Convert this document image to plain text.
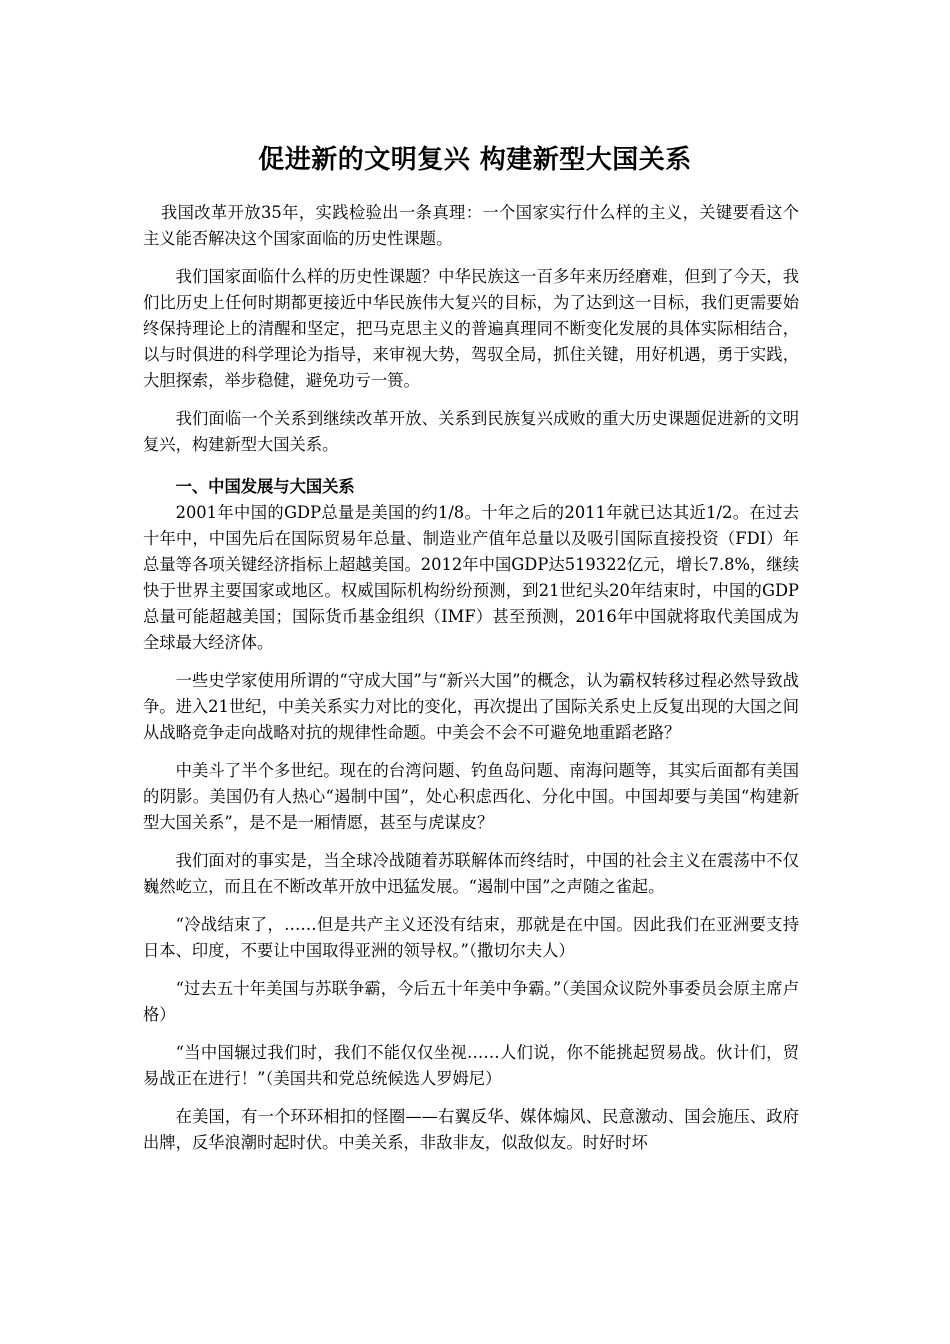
促进新的文明复兴 构建新型大国关系

我国改革开放35年，实践检验出一条真理：一个国家实行什么样的主义，关键要看这个主义能否解决这个国家面临的历史性课题。

我们国家面临什么样的历史性课题？中华民族这一百多年来历经磨难，但到了今天，我们比历史上任何时期都更接近中华民族伟大复兴的目标，为了达到这一目标，我们更需要始终保持理论上的清醒和坚定，把马克思主义的普遍真理同不断变化发展的具体实际相结合，以与时俱进的科学理论为指导，来审视大势，驾驭全局，抓住关键，用好机遇，勇于实践，大胆探索，举步稳健，避免功亏一篑。

我们面临一个关系到继续改革开放、关系到民族复兴成败的重大历史课题促进新的文明复兴，构建新型大国关系。

一、中国发展与大国关系

2001年中国的GDP总量是美国的约1/8。十年之后的2011年就已达其近1/2。在过去十年中，中国先后在国际贸易年总量、制造业产值年总量以及吸引国际直接投资（FDI）年总量等各项关键经济指标上超越美国。2012年中国GDP达519322亿元，增长7.8%，继续快于世界主要国家或地区。权威国际机构纷纷预测，到21世纪头20年结束时，中国的GDP总量可能超越美国；国际货币基金组织（IMF）甚至预测，2016年中国就将取代美国成为全球最大经济体。

一些史学家使用所谓的“守成大国”与“新兴大国”的概念，认为霸权转移过程必然导致战争。进入21世纪，中美关系实力对比的变化，再次提出了国际关系史上反复出现的大国之间从战略竞争走向战略对抗的规律性命题。中美会不会不可避免地重蹈老路？

中美斗了半个多世纪。现在的台湾问题、钓鱼岛问题、南海问题等，其实后面都有美国的阴影。美国仍有人热心“遏制中国”，处心积虑西化、分化中国。中国却要与美国“构建新型大国关系”，是不是一厢情愿，甚至与虎谋皮？

我们面对的事实是，当全球冷战随着苏联解体而终结时，中国的社会主义在震荡中不仅巍然屹立，而且在不断改革开放中迅猛发展。“遏制中国”之声随之雀起。

“冷战结束了，……但是共产主义还没有结束，那就是在中国。因此我们在亚洲要支持日本、印度，不要让中国取得亚洲的领导权。”（撒切尔夫人）

“过去五十年美国与苏联争霸，今后五十年美中争霸。”（美国众议院外事委员会原主席卢格）

“当中国辗过我们时，我们不能仅仅坐视……人们说，你不能挑起贸易战。伙计们，贸易战正在进行！”（美国共和党总统候选人罗姆尼）

在美国，有一个环环相扣的怪圈——右翼反华、媒体煽风、民意激动、国会施压、政府出牌，反华浪潮时起时伏。中美关系，非敌非友，似敌似友。时好时坏
